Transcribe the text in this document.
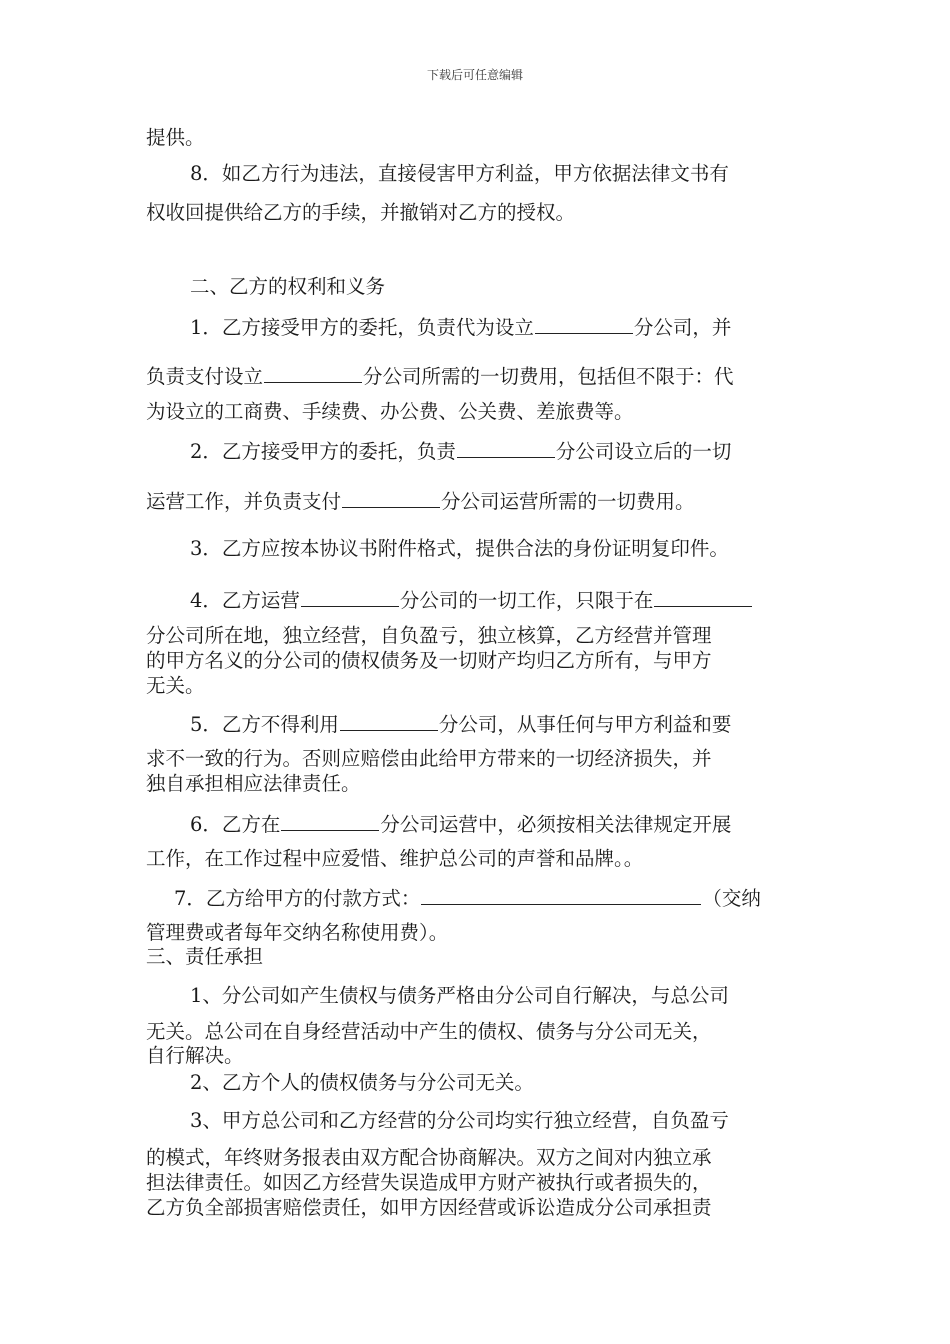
下载后可任意编辑
提供。
8．如乙方行为违法，直接侵害甲方利益，甲方依据法律文书有
权收回提供给乙方的手续，并撤销对乙方的授权。
二、乙方的权利和义务
1．乙方接受甲方的委托，负责代为设立	分公司，并
负责支付设立	分公司所需的一切费用，包括但不限于：代
为设立的工商费、手续费、办公费、公关费、差旅费等。
2．乙方接受甲方的委托，负责	分公司设立后的一切
运营工作，并负责支付	分公司运营所需的一切费用。
3．乙方应按本协议书附件格式，提供合法的身份证明复印件。
4．乙方运营	分公司的一切工作，只限于在
分公司所在地，独立经营，自负盈亏，独立核算，乙方经营并管理
的甲方名义的分公司的债权债务及一切财产均归乙方所有，与甲方
无关。
5．乙方不得利用	分公司，从事任何与甲方利益和要
求不一致的行为。否则应赔偿由此给甲方带来的一切经济损失，并
独自承担相应法律责任。
6．乙方在	分公司运营中，必须按相关法律规定开展
工作，在工作过程中应爱惜、维护总公司的声誉和品牌。。
7．乙方给甲方的付款方式：	（交纳
管理费或者每年交纳名称使用费）。
三、责任承担
1、分公司如产生债权与债务严格由分公司自行解决，与总公司
无关。总公司在自身经营活动中产生的债权、债务与分公司无关，
自行解决。
2、乙方个人的债权债务与分公司无关。
3、甲方总公司和乙方经营的分公司均实行独立经营，自负盈亏
的模式，年终财务报表由双方配合协商解决。双方之间对内独立承
担法律责任。如因乙方经营失误造成甲方财产被执行或者损失的，
乙方负全部损害赔偿责任，如甲方因经营或诉讼造成分公司承担责
